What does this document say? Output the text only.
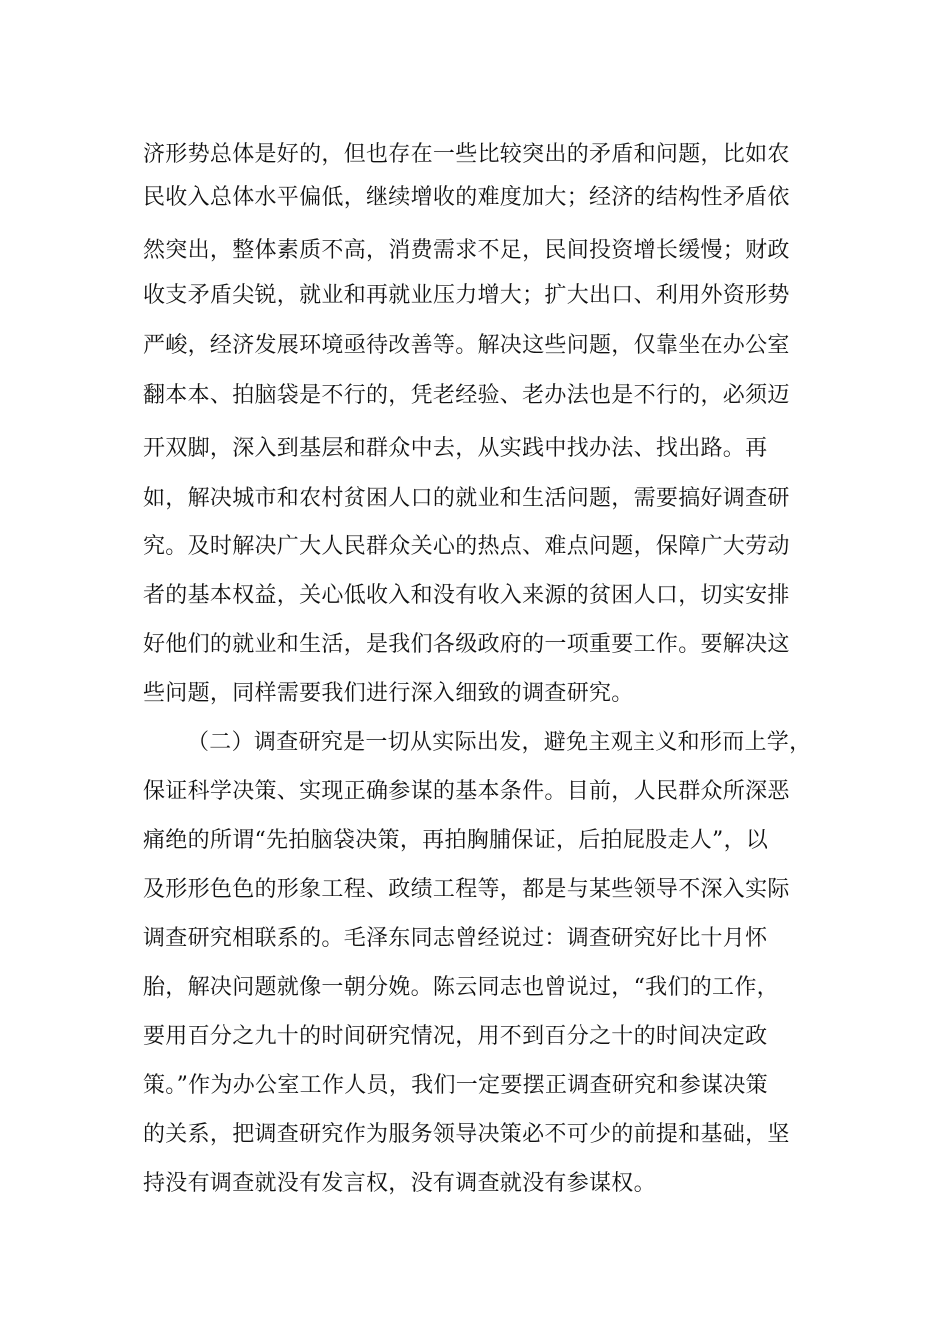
济形势总体是好的，但也存在一些比较突出的矛盾和问题，比如农
民收入总体水平偏低，继续增收的难度加大；经济的结构性矛盾依
然突出，整体素质不高，消费需求不足，民间投资增长缓慢；财政
收支矛盾尖锐，就业和再就业压力增大；扩大出口、利用外资形势
严峻，经济发展环境亟待改善等。解决这些问题，仅靠坐在办公室
翻本本、拍脑袋是不行的，凭老经验、老办法也是不行的，必须迈
开双脚，深入到基层和群众中去，从实践中找办法、找出路。再
如，解决城市和农村贫困人口的就业和生活问题，需要搞好调查研
究。及时解决广大人民群众关心的热点、难点问题，保障广大劳动
者的基本权益，关心低收入和没有收入来源的贫困人口，切实安排
好他们的就业和生活，是我们各级政府的一项重要工作。要解决这
些问题，同样需要我们进行深入细致的调查研究。
（二）调查研究是一切从实际出发，避免主观主义和形而上学，
保证科学决策、实现正确参谋的基本条件。目前，人民群众所深恶
痛绝的所谓“先拍脑袋决策，再拍胸脯保证，后拍屁股走人”，以
及形形色色的形象工程、政绩工程等，都是与某些领导不深入实际
调查研究相联系的。毛泽东同志曾经说过：调查研究好比十月怀
胎，解决问题就像一朝分娩。陈云同志也曾说过，“我们的工作，
要用百分之九十的时间研究情况，用不到百分之十的时间决定政
策。”作为办公室工作人员，我们一定要摆正调查研究和参谋决策
的关系，把调查研究作为服务领导决策必不可少的前提和基础，坚
持没有调查就没有发言权，没有调查就没有参谋权。
